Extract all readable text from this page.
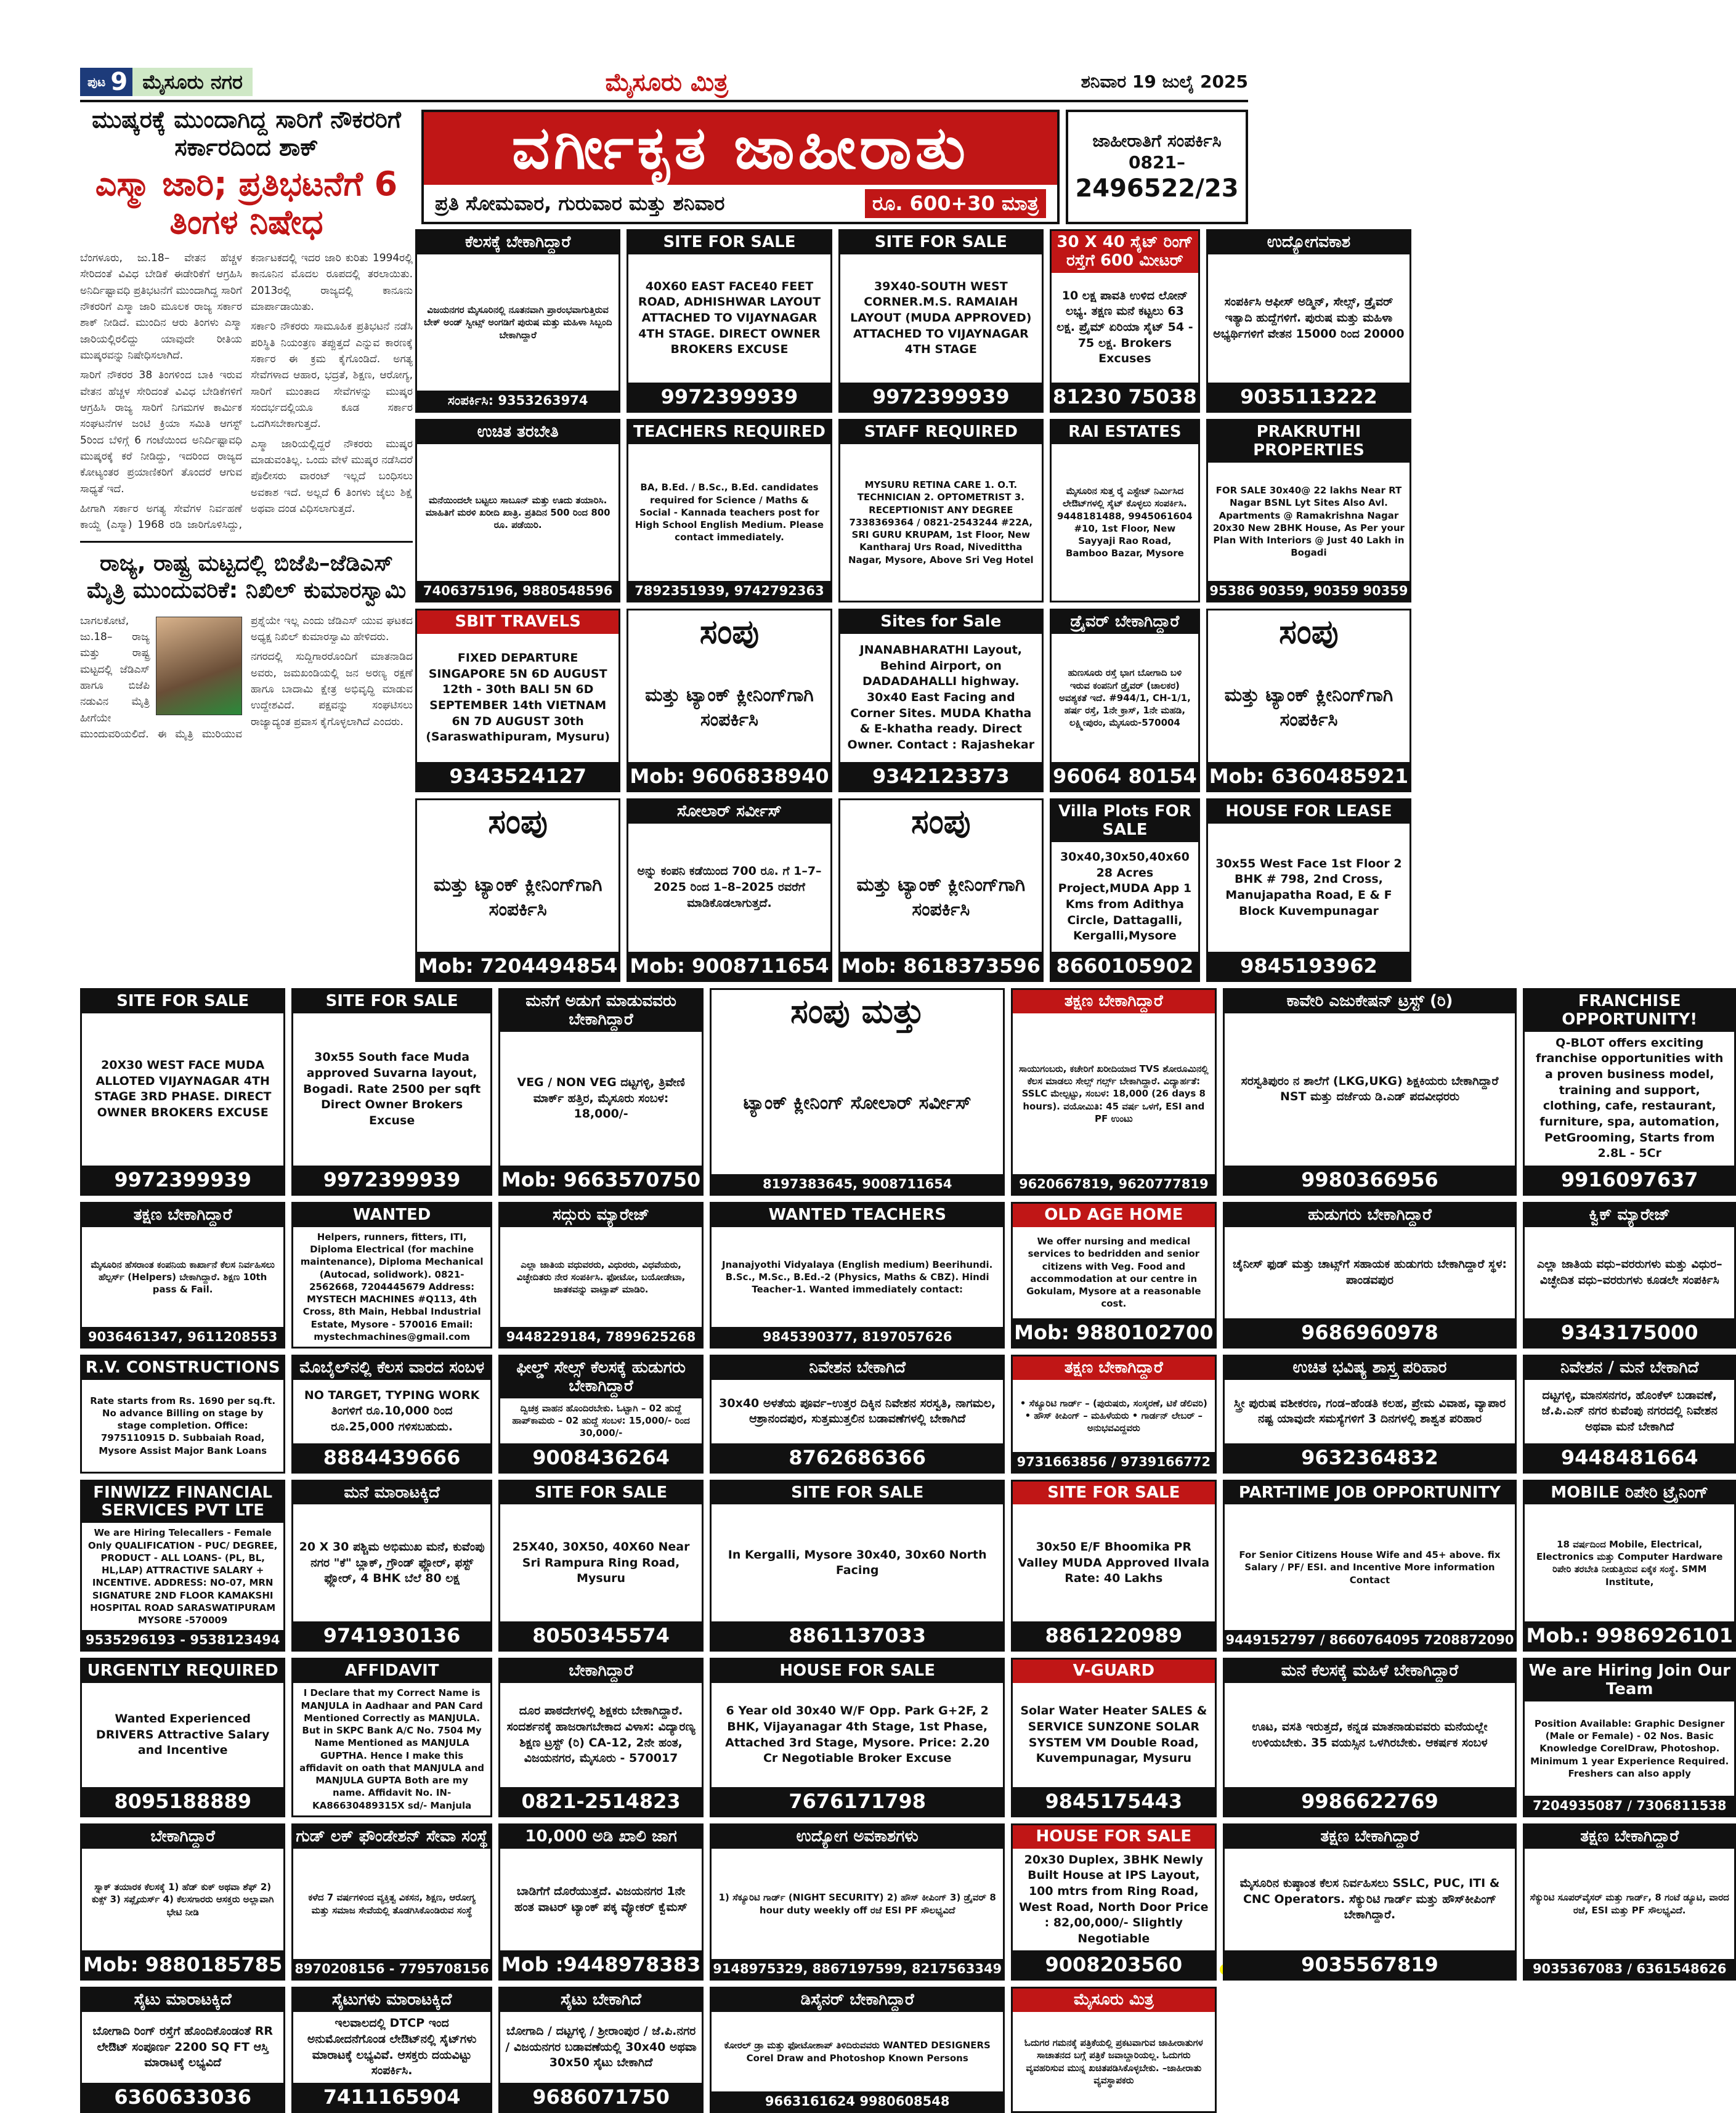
ಪುಟ 9 ಮೈಸೂರು ನಗರ	ಮೈಸೂರು ಮಿತ್ರ	ಶನಿವಾರ 19 ಜುಲೈ 2025
ಮುಷ್ಕರಕ್ಕೆ ಮುಂದಾಗಿದ್ದ ಸಾರಿಗೆ ನೌಕರರಿಗೆ ಸರ್ಕಾರದಿಂದ ಶಾಕ್
ಎಸ್ಮಾ ಜಾರಿ; ಪ್ರತಿಭಟನೆಗೆ 6 ತಿಂಗಳ ನಿಷೇಧ

ಬೆಂಗಳೂರು, ಜು.18– ವೇತನ ಹೆಚ್ಚಳ ಸೇರಿದಂತೆ ವಿವಿಧ ಬೇಡಿಕೆ ಈಡೇರಿಕೆಗೆ ಆಗ್ರಹಿಸಿ ಅನಿರ್ದಿಷ್ಟಾವಧಿ ಪ್ರತಿಭಟನೆಗೆ ಮುಂದಾಗಿದ್ದ ಸಾರಿಗೆ ನೌಕರರಿಗೆ ಎಸ್ಮಾ ಜಾರಿ ಮೂಲಕ ರಾಜ್ಯ ಸರ್ಕಾರ ಶಾಕ್ ನೀಡಿದೆ. ಮುಂದಿನ ಆರು ತಿಂಗಳು ಎಸ್ಮಾ ಜಾರಿಯಲ್ಲಿರಲಿದ್ದು ಯಾವುದೇ ರೀತಿಯ ಮುಷ್ಕರವನ್ನು ನಿಷೇಧಿಸಲಾಗಿದೆ.

ಸಾರಿಗೆ ನೌಕರರ 38 ತಿಂಗಳಿಂದ ಬಾಕಿ ಇರುವ ವೇತನ ಹೆಚ್ಚಳ ಸೇರಿದಂತೆ ವಿವಿಧ ಬೇಡಿಕೆಗಳಿಗೆ ಆಗ್ರಹಿಸಿ ರಾಜ್ಯ ಸಾರಿಗೆ ನಿಗಮಗಳ ಕಾರ್ಮಿಕ ಸಂಘಟನೆಗಳ ಜಂಟಿ ಕ್ರಿಯಾ ಸಮಿತಿ ಆಗಸ್ಟ್ 5ರಿಂದ ಬೆಳಿಗ್ಗೆ 6 ಗಂಟೆಯಿಂದ ಅನಿರ್ದಿಷ್ಟಾವಧಿ ಮುಷ್ಕರಕ್ಕೆ ಕರೆ ನೀಡಿದ್ದು, ಇದರಿಂದ ರಾಜ್ಯದ ಕೋಟ್ಯಂತರ ಪ್ರಯಾಣಿಕರಿಗೆ ತೊಂದರೆ ಆಗುವ ಸಾಧ್ಯತೆ ಇದೆ.

ಹೀಗಾಗಿ ಸರ್ಕಾರ ಅಗತ್ಯ ಸೇವೆಗಳ ನಿರ್ವಹಣೆ ಕಾಯ್ದೆ (ಎಸ್ಮಾ) 1968 ರಡಿ ಜಾರಿಗೊಳಿಸಿದ್ದು, ಕರ್ನಾಟಕದಲ್ಲಿ ಇದರ ಜಾರಿ ಕುರಿತು 1994ರಲ್ಲಿ ಕಾನೂನಿನ ಮೊದಲ ರೂಪದಲ್ಲಿ ತರಲಾಯಿತು. 2013ರಲ್ಲಿ ರಾಜ್ಯದಲ್ಲಿ ಕಾನೂನು ಮಾರ್ಪಾಡಾಯಿತು.

ಸರ್ಕಾರಿ ನೌಕರರು ಸಾಮೂಹಿಕ ಪ್ರತಿಭಟನೆ ನಡೆಸಿ ಪರಿಸ್ಥಿತಿ ನಿಯಂತ್ರಣ ತಪ್ಪುತ್ತದೆ ಎನ್ನುವ ಕಾರಣಕ್ಕೆ ಸರ್ಕಾರ ಈ ಕ್ರಮ ಕೈಗೊಂಡಿದೆ. ಅಗತ್ಯ ಸೇವೆಗಳಾದ ಆಹಾರ, ಭದ್ರತೆ, ಶಿಕ್ಷಣ, ಆರೋಗ್ಯ, ಸಾರಿಗೆ ಮುಂತಾದ ಸೇವೆಗಳನ್ನು ಮುಷ್ಕರ ಸಂದರ್ಭದಲ್ಲಿಯೂ ಕೂಡ ಸರ್ಕಾರ ಒದಗಿಸಬೇಕಾಗುತ್ತದೆ.

ಎಸ್ಮಾ ಜಾರಿಯಲ್ಲಿದ್ದರೆ ನೌಕರರು ಮುಷ್ಕರ ಮಾಡುವಂತಿಲ್ಲ. ಒಂದು ವೇಳೆ ಮುಷ್ಕರ ನಡೆಸಿದರೆ ಪೊಲೀಸರು ವಾರಂಟ್ ಇಲ್ಲದೆ ಬಂಧಿಸಲು ಅವಕಾಶ ಇದೆ. ಅಲ್ಲದೆ 6 ತಿಂಗಳು ಜೈಲು ಶಿಕ್ಷೆ ಅಥವಾ ದಂಡ ವಿಧಿಸಲಾಗುತ್ತದೆ.

ರಾಜ್ಯ, ರಾಷ್ಟ್ರ ಮಟ್ಟದಲ್ಲಿ ಬಿಜೆಪಿ–ಜೆಡಿಎಸ್ ಮೈತ್ರಿ ಮುಂದುವರಿಕೆ: ನಿಖಿಲ್ ಕುಮಾರಸ್ವಾಮಿ

ಬಾಗಲಕೋಟೆ, ಜು.18– ರಾಜ್ಯ ಮತ್ತು ರಾಷ್ಟ್ರ ಮಟ್ಟದಲ್ಲಿ ಜೆಡಿಎಸ್ ಹಾಗೂ ಬಿಜೆಪಿ ನಡುವಿನ ಮೈತ್ರಿ ಹೀಗೆಯೇ ಮುಂದುವರಿಯಲಿದೆ. ಈ ಮೈತ್ರಿ ಮುರಿಯುವ ಪ್ರಶ್ನೆಯೇ ಇಲ್ಲ ಎಂದು ಜೆಡಿಎಸ್ ಯುವ ಘಟಕದ ಅಧ್ಯಕ್ಷ ನಿಖಿಲ್ ಕುಮಾರಸ್ವಾಮಿ ಹೇಳಿದರು.

ನಗರದಲ್ಲಿ ಸುದ್ದಿಗಾರರೊಂದಿಗೆ ಮಾತನಾಡಿದ ಅವರು, ಜಮಖಂಡಿಯಲ್ಲಿ ಜನ ಅರಣ್ಯ ರಕ್ಷಣೆ ಹಾಗೂ ಬಾದಾಮಿ ಕ್ಷೇತ್ರ ಅಭಿವೃದ್ಧಿ ಮಾಡುವ ಉದ್ದೇಶವಿದೆ. ಪಕ್ಷವನ್ನು ಸಂಘಟಿಸಲು ರಾಜ್ಯಾದ್ಯಂತ ಪ್ರವಾಸ ಕೈಗೊಳ್ಳಲಾಗಿದೆ ಎಂದರು.

ವರ್ಗೀಕೃತ ಜಾಹೀರಾತು
ಪ್ರತಿ ಸೋಮವಾರ, ಗುರುವಾರ ಮತ್ತು ಶನಿವಾರ	ರೂ. 600+30 ಮಾತ್ರ
ಜಾಹೀರಾತಿಗೆ ಸಂಪರ್ಕಿಸಿ
0821–
2496522/23
ಕೆಲಸಕ್ಕೆ ಬೇಕಾಗಿದ್ದಾರೆ
ವಿಜಯನಗರ ಮೈಸೂರಿನಲ್ಲಿ ನೂತನವಾಗಿ ಪ್ರಾರಂಭವಾಗುತ್ತಿರುವ ಬೇಕ್ ಅಂಡ್ ಸ್ವೀಟ್ಸ್ ಅಂಗಡಿಗೆ ಪುರುಷ ಮತ್ತು ಮಹಿಳಾ ಸಿಬ್ಬಂದಿ ಬೇಕಾಗಿದ್ದಾರೆ
ಸಂಪರ್ಕಿಸಿ: 9353263974
SITE FOR SALE
40X60 EAST FACE40 FEET ROAD, ADHISHWAR LAYOUT ATTACHED TO VIJAYNAGAR 4TH STAGE. DIRECT OWNER BROKERS EXCUSE
9972399939
SITE FOR SALE
39X40-SOUTH WEST CORNER.M.S. RAMAIAH LAYOUT (MUDA APPROVED) ATTACHED TO VIJAYNAGAR 4TH STAGE
9972399939
30 X 40 ಸೈಟ್ ರಿಂಗ್ ರಸ್ತೆಗೆ 600 ಮೀಟರ್
10 ಲಕ್ಷ ಪಾವತಿ ಉಳಿದ ಲೋನ್ ಲಭ್ಯ. ತಕ್ಷಣ ಮನೆ ಕಟ್ಟಲು 63 ಲಕ್ಷ. ಪ್ರೈಮ್ ಏರಿಯಾ ಸೈಟ್ 54 - 75 ಲಕ್ಷ. Brokers Excuses
81230 75038
ಉದ್ಯೋಗವಕಾಶ
ಸಂಪರ್ಕಿಸಿ ಆಫೀಸ್ ಅಡ್ಮಿನ್, ಸೇಲ್ಸ್, ಡ್ರೈವರ್ ಇತ್ಯಾದಿ ಹುದ್ದೆಗಳಿಗೆ. ಪುರುಷ ಮತ್ತು ಮಹಿಳಾ ಅಭ್ಯರ್ಥಿಗಳಿಗೆ ವೇತನ 15000 ರಿಂದ 20000
9035113222
ಉಚಿತ ತರಬೇತಿ
ಮನೆಯಿಂದಲೇ ಬಟ್ಟಲು ಸಾಬೂನ್ ಮತ್ತು ಊದು ತಯಾರಿಸಿ. ಮಾಹಿತಿಗೆ ಮರಳಿ ಖರೀದಿ ಖಾತ್ರಿ. ಪ್ರತಿದಿನ 500 ರಿಂದ 800 ರೂ. ಪಡೆಯಿರಿ.
7406375196, 9880548596
TEACHERS REQUIRED
BA, B.Ed. / B.Sc., B.Ed. candidates required for Science / Maths & Social - Kannada teachers post for High School English Medium. Please contact immediately.
7892351939, 9742792363
STAFF REQUIRED
MYSURU RETINA CARE 1. O.T. TECHNICIAN 2. OPTOMETRIST 3. RECEPTIONIST ANY DEGREE 7338369364 / 0821-2543244 #22A, SRI GURU KRUPAM, 1st Floor, New Kantharaj Urs Road, Nivedittha Nagar, Mysore, Above Sri Veg Hotel
RAI ESTATES
ಮೈಸೂರಿನ ಸುತ್ತ ರೈ ಎಸ್ಟೇಟ್ ನಿರ್ಮಿಸಿದ ಲೇಔಟ್‌ಗಳಲ್ಲಿ ಸೈಟ್ ಕೊಳ್ಳಲು ಸಂಪರ್ಕಿಸಿ. 9448181488, 9945061604 #10, 1st Floor, New Sayyaji Rao Road, Bamboo Bazar, Mysore
PRAKRUTHI PROPERTIES
FOR SALE 30x40@ 22 lakhs Near RT Nagar BSNL Lyt Sites Also Avl. Apartments @ Ramakrishna Nagar 20x30 New 2BHK House, As Per your Plan With Interiors @ Just 40 Lakh in Bogadi
95386 90359, 90359 90359
SBIT TRAVELS
FIXED DEPARTURE SINGAPORE 5N 6D AUGUST 12th - 30th BALI 5N 6D SEPTEMBER 14th VIETNAM 6N 7D AUGUST 30th (Saraswathipuram, Mysuru)
9343524127
ಸಂಪು
ಮತ್ತು ಟ್ಯಾಂಕ್ ಕ್ಲೀನಿಂಗ್‌ಗಾಗಿ ಸಂಪರ್ಕಿಸಿ
Mob: 9606838940
Sites for Sale
JNANABHARATHI Layout, Behind Airport, on DADADAHALLI highway. 30x40 East Facing and Corner Sites. MUDA Khatha & E-khatha ready. Direct Owner. Contact : Rajashekar
9342123373
ಡ್ರೈವರ್ ಬೇಕಾಗಿದ್ದಾರೆ
ಹುಣಸೂರು ರಸ್ತೆ ಭಾಗ ಬೋಗಾದಿ ಬಳಿ ಇರುವ ಕಂಪನಿಗೆ ಡ್ರೈವರ್ (ಚಾಲಕರ) ಅವಶ್ಯಕತೆ ಇದೆ. #944/1, CH-1/1, ಹರ್ಷ ರಸ್ತೆ, 1ನೇ ಕ್ರಾಸ್, 1ನೇ ಮಹಡಿ, ಲಕ್ಷ್ಮೀಪುರಂ, ಮೈಸೂರು-570004
96064 80154
ಸಂಪು
ಮತ್ತು ಟ್ಯಾಂಕ್ ಕ್ಲೀನಿಂಗ್‌ಗಾಗಿ ಸಂಪರ್ಕಿಸಿ
Mob: 6360485921
ಸಂಪು
ಮತ್ತು ಟ್ಯಾಂಕ್ ಕ್ಲೀನಿಂಗ್‌ಗಾಗಿ ಸಂಪರ್ಕಿಸಿ
Mob: 7204494854
ಸೋಲಾರ್ ಸರ್ವೀಸ್
ಅನ್ನು ಕಂಪನಿ ಕಡೆಯಿಂದ 700 ರೂ. ಗೆ 1–7–2025 ರಿಂದ 1–8–2025 ರವರೆಗೆ ಮಾಡಿಕೊಡಲಾಗುತ್ತದೆ.
Mob: 9008711654
ಸಂಪು
ಮತ್ತು ಟ್ಯಾಂಕ್ ಕ್ಲೀನಿಂಗ್‌ಗಾಗಿ ಸಂಪರ್ಕಿಸಿ
Mob: 8618373596
Villa Plots FOR SALE
30x40,30x50,40x60 28 Acres Project,MUDA App 1 Kms from Adithya Circle, Dattagalli, Kergalli,Mysore
8660105902
HOUSE FOR LEASE
30x55 West Face 1st Floor 2 BHK # 798, 2nd Cross, Manujapatha Road, E & F Block Kuvempunagar
9845193962
SITE FOR SALE
20X30 WEST FACE MUDA ALLOTED VIJAYNAGAR 4TH STAGE 3RD PHASE. DIRECT OWNER BROKERS EXCUSE
9972399939
SITE FOR SALE
30x55 South face Muda approved Suvarna layout, Bogadi. Rate 2500 per sqft Direct Owner Brokers Excuse
9972399939
ಮನೆಗೆ ಅಡುಗೆ ಮಾಡುವವರು ಬೇಕಾಗಿದ್ದಾರೆ
VEG / NON VEG ದಟ್ಟಗಳ್ಳಿ, ತ್ರಿವೇಣಿ ಮಾರ್ಕ್ ಹತ್ತಿರ, ಮೈಸೂರು ಸಂಬಳ: 18,000/-
Mob: 9663570750
ಸಂಪು ಮತ್ತು
ಟ್ಯಾಂಕ್ ಕ್ಲೀನಿಂಗ್ ಸೋಲಾರ್ ಸರ್ವೀಸ್
8197383645, 9008711654
ತಕ್ಷಣ ಬೇಕಾಗಿದ್ದಾರೆ
ಸಾಯುಗಂಬರು, ಕಚೇರಿಗೆ ಖರೀದಿಯಾದ TVS ಶೋರೂಮಿನಲ್ಲಿ ಕೆಲಸ ಮಾಡಲು ಸೇಲ್ಸ್ ಗರ್ಲ್ಸ್ ಬೇಕಾಗಿದ್ದಾರೆ. ವಿದ್ಯಾರ್ಹತೆ: SSLC ಮೇಲ್ಪಟ್ಟು, ಸಂಬಳ: 18,000 (26 days 8 hours). ವಯೋಮಿತಿ: 45 ವರ್ಷ ಒಳಗೆ, ESI and PF ಉಂಟು
9620667819, 9620777819
ಕಾವೇರಿ ಎಜುಕೇಷನ್ ಟ್ರಸ್ಟ್ (ರಿ)
ಸರಸ್ವತಿಪುರಂ ನ ಶಾಲೆಗೆ (LKG,UKG) ಶಿಕ್ಷಕಿಯರು ಬೇಕಾಗಿದ್ದಾರೆ NST ಮತ್ತು ದರ್ಜೆಯ ಡಿ.ಎಡ್ ಪದವೀಧರರು
9980366956
FRANCHISE OPPORTUNITY!
Q-BLOT offers exciting franchise opportunities with a proven business model, training and support, clothing, cafe, restaurant, furniture, spa, automation, PetGrooming, Starts from 2.8L - 5Cr
9916097637
ತಕ್ಷಣ ಬೇಕಾಗಿದ್ದಾರೆ
ಮೈಸೂರಿನ ಹೆಸರಾಂತ ಕಂಪನಿಯ ಕಾರ್ಖಾನೆ ಕೆಲಸ ನಿರ್ವಹಿಸಲು ಹೆಲ್ಪರ್ಸ್ (Helpers) ಬೇಕಾಗಿದ್ದಾರೆ. ಶಿಕ್ಷಣ 10th pass & Fail.
9036461347, 9611208553
WANTED
Helpers, runners, fitters, ITI, Diploma Electrical (for machine maintenance), Diploma Mechanical (Autocad, solidwork). 0821-2562668, 7204445679 Address: MYSTECH MACHINES #Q113, 4th Cross, 8th Main, Hebbal Industrial Estate, Mysore - 570016 Email: mystechmachines@gmail.com
ಸದ್ಗುರು ಮ್ಯಾರೇಜ್
ಎಲ್ಲಾ ಜಾತಿಯ ವಧುವರರು, ವಿಧುರರು, ವಿಧವೆಯರು, ವಿಚ್ಛೇದಿತರು ನೇರ ಸಂಪರ್ಕಿಸಿ. ಫೋಟೋ, ಬಯೋಡೇಟಾ, ಜಾತಕವನ್ನು ವಾಟ್ಸಾಪ್ ಮಾಡಿರಿ.
9448229184, 7899625268
WANTED TEACHERS
Jnanajyothi Vidyalaya (English medium) Beerihundi. B.Sc., M.Sc., B.Ed.-2 (Physics, Maths & CBZ). Hindi Teacher-1. Wanted immediately contact:
9845390377, 8197057626
OLD AGE HOME
We offer nursing and medical services to bedridden and senior citizens with Veg. Food and accommodation at our centre in Gokulam, Mysore at a reasonable cost.
Mob: 9880102700
ಹುಡುಗರು ಬೇಕಾಗಿದ್ದಾರೆ
ಚೈನೀಸ್ ಫುಡ್ ಮತ್ತು ಚಾಟ್ಸ್‌ಗೆ ಸಹಾಯಕ ಹುಡುಗರು ಬೇಕಾಗಿದ್ದಾರೆ ಸ್ಥಳ: ಪಾಂಡವಪುರ
9686960978
ಕ್ವಿಕ್ ಮ್ಯಾರೇಜ್
ಎಲ್ಲಾ ಜಾತಿಯ ವಧು–ವರರುಗಳು ಮತ್ತು ವಿಧುರ–ವಿಚ್ಛೇದಿತ ವಧು–ವರರುಗಳು ಕೂಡಲೇ ಸಂಪರ್ಕಿಸಿ
9343175000
R.V. CONSTRUCTIONS
Rate starts from Rs. 1690 per sq.ft. No advance Billing on stage by stage completion. Office: 7975110915 D. Subbaiah Road, Mysore Assist Major Bank Loans
ಮೊಬೈಲ್‌ನಲ್ಲಿ ಕೆಲಸ ವಾರದ ಸಂಬಳ
NO TARGET, TYPING WORK ತಿಂಗಳಿಗೆ ರೂ.10,000 ರಿಂದ ರೂ.25,000 ಗಳಿಸಬಹುದು.
8884439666
ಫೀಲ್ಡ್ ಸೇಲ್ಸ್ ಕೆಲಸಕ್ಕೆ ಹುಡುಗರು ಬೇಕಾಗಿದ್ದಾರೆ
ದ್ವಿಚಕ್ರ ವಾಹನ ಹೊಂದಿರಬೇಕು. ಓಟ್ಟಾಗಿ – 02 ಹುದ್ದೆ ಹಾಪ್‌ಕಾಮರು – 02 ಹುದ್ದೆ ಸಂಬಳ: 15,000/- ರಿಂದ 30,000/-
9008436264
ನಿವೇಶನ ಬೇಕಾಗಿದೆ
30x40 ಅಳತೆಯ ಪೂರ್ವ–ಉತ್ತರ ದಿಕ್ಕಿನ ನಿವೇಶನ ಸರಸ್ವತಿ, ನಾಗಮಲ, ಆಶ್ರಾನಂದಪುರ, ಸುತ್ತಮುತ್ತಲಿನ ಬಡಾವಣೆಗಳಲ್ಲಿ ಬೇಕಾಗಿದೆ
8762686366
ತಕ್ಷಣ ಬೇಕಾಗಿದ್ದಾರೆ
• ಸೆಕ್ಯೂರಿಟಿ ಗಾರ್ಡ್ – (ಪುರುಷರು, ಸಂಸ್ಕರಣೆ, ಟಿಕೆ ಡೆಲಿವರಿ) • ಹೌಸ್ ಕೀಪಿಂಗ್ – ಮಹಿಳೆಯರು • ಗಾರ್ಡನ್ ಲೇಬರ್ – ಅನುಭವವಿದ್ದವರು
9731663856 / 9739166772
ಉಚಿತ ಭವಿಷ್ಯ ಶಾಸ್ತ್ರ ಪರಿಹಾರ
ಸ್ತ್ರೀ ಪುರುಷ ವಶೀಕರಣ, ಗಂಡ–ಹೆಂಡತಿ ಕಲಹ, ಪ್ರೇಮ ವಿವಾಹ, ವ್ಯಾಪಾರ ನಷ್ಟ ಯಾವುದೇ ಸಮಸ್ಯೆಗಳಿಗೆ 3 ದಿನಗಳಲ್ಲಿ ಶಾಶ್ವತ ಪರಿಹಾರ
9632364832
ನಿವೇಶನ / ಮನೆ ಬೇಕಾಗಿದೆ
ದಟ್ಟಗಳ್ಳಿ, ಮಾನಸನಗರ, ಹೊಂಕೆಳ್ ಬಡಾವಣೆ, ಜೆ.ಪಿ.ಎನ್ ನಗರ ಕುವೆಂಪು ನಗರದಲ್ಲಿ ನಿವೇಶನ ಅಥವಾ ಮನೆ ಬೇಕಾಗಿದೆ
9448481664
FINWIZZ FINANCIAL SERVICES PVT LTE
We are Hiring Telecallers - Female Only QUALIFICATION - PUC/ DEGREE, PRODUCT - ALL LOANS- (PL, BL, HL,LAP) ATTRACTIVE SALARY + INCENTIVE. ADDRESS: NO-07, MRN SIGNATURE 2ND FLOOR KAMAKSHI HOSPITAL ROAD SARASWATIPURAM MYSORE -570009
9535296193 - 9538123494
ಮನೆ ಮಾರಾಟಕ್ಕಿದೆ
20 X 30 ಪಶ್ಚಿಮ ಅಭಿಮುಖ ಮನೆ, ಕುವೆಂಪು ನಗರ "ಕೆ" ಬ್ಲಾಕ್, ಗ್ರೌಂಡ್ ಫ್ಲೋರ್, ಫಸ್ಟ್ ಫ್ಲೋರ್, 4 BHK ಬೆಲೆ 80 ಲಕ್ಷ
9741930136
SITE FOR SALE
25X40, 30X50, 40X60 Near Sri Rampura Ring Road, Mysuru
8050345574
SITE FOR SALE
In Kergalli, Mysore 30x40, 30x60 North Facing
8861137033
SITE FOR SALE
30x50 E/F Bhoomika PR Valley MUDA Approved Ilvala Rate: 40 Lakhs
8861220989
PART-TIME JOB OPPORTUNITY
For Senior Citizens House Wife and 45+ above. fix Salary / PF/ ESI. and Incentive More information Contact
9449152797 / 8660764095 7208872090
MOBILE ರಿಪೇರಿ ಟ್ರೈನಿಂಗ್
18 ವರ್ಷದಿಂದ Mobile, Electrical, Electronics ಮತ್ತು Computer Hardware ರಿಪೇರಿ ತರಬೇತಿ ನೀಡುತ್ತಿರುವ ಏಕೈಕ ಸಂಸ್ಥೆ. SMM Institute,
Mob.: 9986926101
URGENTLY REQUIRED
Wanted Experienced DRIVERS Attractive Salary and Incentive
8095188889
AFFIDAVIT
I Declare that my Correct Name is MANJULA in Aadhaar and PAN Card Mentioned Correctly as MANJULA. But in SKPC Bank A/C No. 7504 My Name Mentioned as MANJULA GUPTHA. Hence I make this affidavit on oath that MANJULA and MANJULA GUPTA Both are my name. Affidavit No. IN-KA86630489315X sd/- Manjula
ಬೇಕಾಗಿದ್ದಾರೆ
ದೂರ ಪಾಠದೇಗಳಲ್ಲಿ ಶಿಕ್ಷಕರು ಬೇಕಾಗಿದ್ದಾರೆ. ಸಂದರ್ಶನಕ್ಕೆ ಹಾಜರಾಗಬೇಕಾದ ವಿಳಾಸ: ವಿದ್ಯಾರಣ್ಯ ಶಿಕ್ಷಣ ಟ್ರಸ್ಟ್ (ರಿ) CA-12, 2ನೇ ಹಂತ, ವಿಜಯನಗರ, ಮೈಸೂರು - 570017
0821-2514823
HOUSE FOR SALE
6 Year old 30x40 W/F Opp. Park G+2F, 2 BHK, Vijayanagar 4th Stage, 1st Phase, Attached 3rd Stage, Mysore. Price: 2.20 Cr Negotiable Broker Excuse
7676171798
V-GUARD
Solar Water Heater SALES & SERVICE SUNZONE SOLAR SYSTEM VM Double Road, Kuvempunagar, Mysuru
9845175443
ಮನೆ ಕೆಲಸಕ್ಕೆ ಮಹಿಳೆ ಬೇಕಾಗಿದ್ದಾರೆ
ಊಟ, ವಸತಿ ಇರುತ್ತದೆ, ಕನ್ನಡ ಮಾತನಾಡುವವರು ಮನೆಯಲ್ಲೇ ಉಳಿಯಬೇಕು. 35 ವಯಸ್ಸಿನ ಒಳಗಿರಬೇಕು. ಆಕರ್ಷಕ ಸಂಬಳ
9986622769
We are Hiring Join Our Team
Position Available: Graphic Designer (Male or Female) - 02 Nos. Basic Knowledge CorelDraw, Photoshop. Minimum 1 year Experience Required. Freshers can also apply
7204935087 / 7306811538
ಬೇಕಾಗಿದ್ದಾರೆ
ಸ್ನಾಕ್ ತಯಾರಕ ಕೆಲಸಕ್ಕೆ 1) ಹೆಡ್ ಕುಕ್ ಅಥವಾ ಶೆಫ್ 2) ಕುಕ್ಸ್ 3) ಸಪ್ಲೈಯರ್ಸ್ 4) ಕೆಲಸಗಾರರು ಆಸಕ್ತರು ಅಲ್ಲಾವಾಗಿ ಭೇಟಿ ನೀಡಿ
Mob: 9880185785
ಗುಡ್ ಲಕ್ ಫೌಂಡೇಶನ್ ಸೇವಾ ಸಂಸ್ಥೆ
ಕಳೆದ 7 ವರ್ಷಗಳಿಂದ ವ್ಯಕ್ತಿತ್ವ ವಿಕಸನ, ಶಿಕ್ಷಣ, ಆರೋಗ್ಯ ಮತ್ತು ಸಮಾಜ ಸೇವೆಯಲ್ಲಿ ತೊಡಗಿಸಿಕೊಂಡಿರುವ ಸಂಸ್ಥೆ
8970208156 - 7795708156
10,000 ಅಡಿ ಖಾಲಿ ಜಾಗ
ಬಾಡಿಗೆಗೆ ದೊರೆಯುತ್ತದೆ. ವಿಜಯನಗರ 1ನೇ ಹಂತ ವಾಟರ್ ಟ್ಯಾಂಕ್ ಪಕ್ಕ ವ್ಯೋಕರ್ ಕ್ವೆಮಸ್
Mob :9448978383
ಉದ್ಯೋಗ ಅವಕಾಶಗಳು
1) ಸೆಕ್ಯೂರಿಟಿ ಗಾರ್ಡ್ (NIGHT SECURITY) 2) ಹೌಸ್ ಕೀಪಿಂಗ್ 3) ಡ್ರೈವರ್ 8 hour duty weekly off ರಜೆ ESI PF ಸೌಲಭ್ಯವಿದೆ
9148975329, 8867197599, 8217563349
HOUSE FOR SALE
20x30 Duplex, 3BHK Newly Built House at IPS Layout, 100 mtrs from Ring Road, West Road, North Door Price : 82,00,000/- Slightly Negotiable
9008203560
ತಕ್ಷಣ ಬೇಕಾಗಿದ್ದಾರೆ
ಮೈಸೂರಿನ ಕುಷ್ಠಾಂತ ಕೆಲಸ ನಿರ್ವಹಿಸಲು SSLC, PUC, ITI & CNC Operators. ಸೆಕ್ಯುರಿಟಿ ಗಾರ್ಡ್ ಮತ್ತು ಹೌಸ್‌ಕೀಪಿಂಗ್ ಬೇಕಾಗಿದ್ದಾರೆ.
9035567819
ತಕ್ಷಣ ಬೇಕಾಗಿದ್ದಾರೆ
ಸೆಕ್ಯುರಿಟಿ ಸೂಪರ್‌ವೈಸರ್ ಮತ್ತು ಗಾರ್ಡ್, 8 ಗಂಟೆ ಡ್ಯೂಟಿ, ವಾರದ ರಜೆ, ESI ಮತ್ತು PF ಸೌಲಭ್ಯವಿದೆ.
9035367083 / 6361548626
ಸೈಟು ಮಾರಾಟಕ್ಕಿದೆ
ಬೋಗಾದಿ ರಿಂಗ್ ರಸ್ತೆಗೆ ಹೊಂದಿಕೊಂಡಂತೆ RR ಲೇಔಟ್ ಸಂಪೂರ್ಣ 2200 SQ FT ಆಸ್ತಿ ಮಾರಾಟಕ್ಕೆ ಲಭ್ಯವಿದೆ
6360633036
ಸೈಟುಗಳು ಮಾರಾಟಕ್ಕಿದೆ
ಇಲವಾಲದಲ್ಲಿ DTCP ಇಂದ ಅನುಮೋದನೆಗೊಂಡ ಲೇಔಟ್‌ನಲ್ಲಿ ಸೈಟ್‌ಗಳು ಮಾರಾಟಕ್ಕೆ ಲಭ್ಯವಿವೆ. ಆಸಕ್ತರು ದಯವಿಟ್ಟು ಸಂಪರ್ಕಿಸಿ.
7411165904
ಸೈಟು ಬೇಕಾಗಿದೆ
ಬೋಗಾದಿ / ದಟ್ಟಗಳ್ಳಿ / ಶ್ರೀರಾಂಪುರ / ಜೆ.ಪಿ.ನಗರ / ವಿಜಯನಗರ ಬಡಾವಣೆಯಲ್ಲಿ 30x40 ಅಥವಾ 30x50 ಸೈಟು ಬೇಕಾಗಿದೆ
9686071750
ಡಿಸೈನರ್ ಬೇಕಾಗಿದ್ದಾರೆ
ಕೋರಲ್ ಡ್ರಾ ಮತ್ತು ಫೋಟೋಶಾಪ್ ತಿಳಿದಿರುವವರು WANTED DESIGNERS Corel Draw and Photoshop Known Persons
9663161624 9980608548
ಮೈಸೂರು ಮಿತ್ರ
ಓದುಗರ ಗಮನಕ್ಕೆ ಪತ್ರಿಕೆಯಲ್ಲಿ ಪ್ರಕಟವಾಗುವ ಜಾಹೀರಾತುಗಳ ಸಾಚಾತನದ ಬಗ್ಗೆ ಪತ್ರಿಕೆ ಜವಾಬ್ದಾರಿಯಲ್ಲ. ಓದುಗರು ವ್ಯವಹರಿಸುವ ಮುನ್ನ ಖಚಿತಪಡಿಸಿಕೊಳ್ಳಬೇಕು. –ಜಾಹೀರಾತು ವ್ಯವಸ್ಥಾಪಕರು
